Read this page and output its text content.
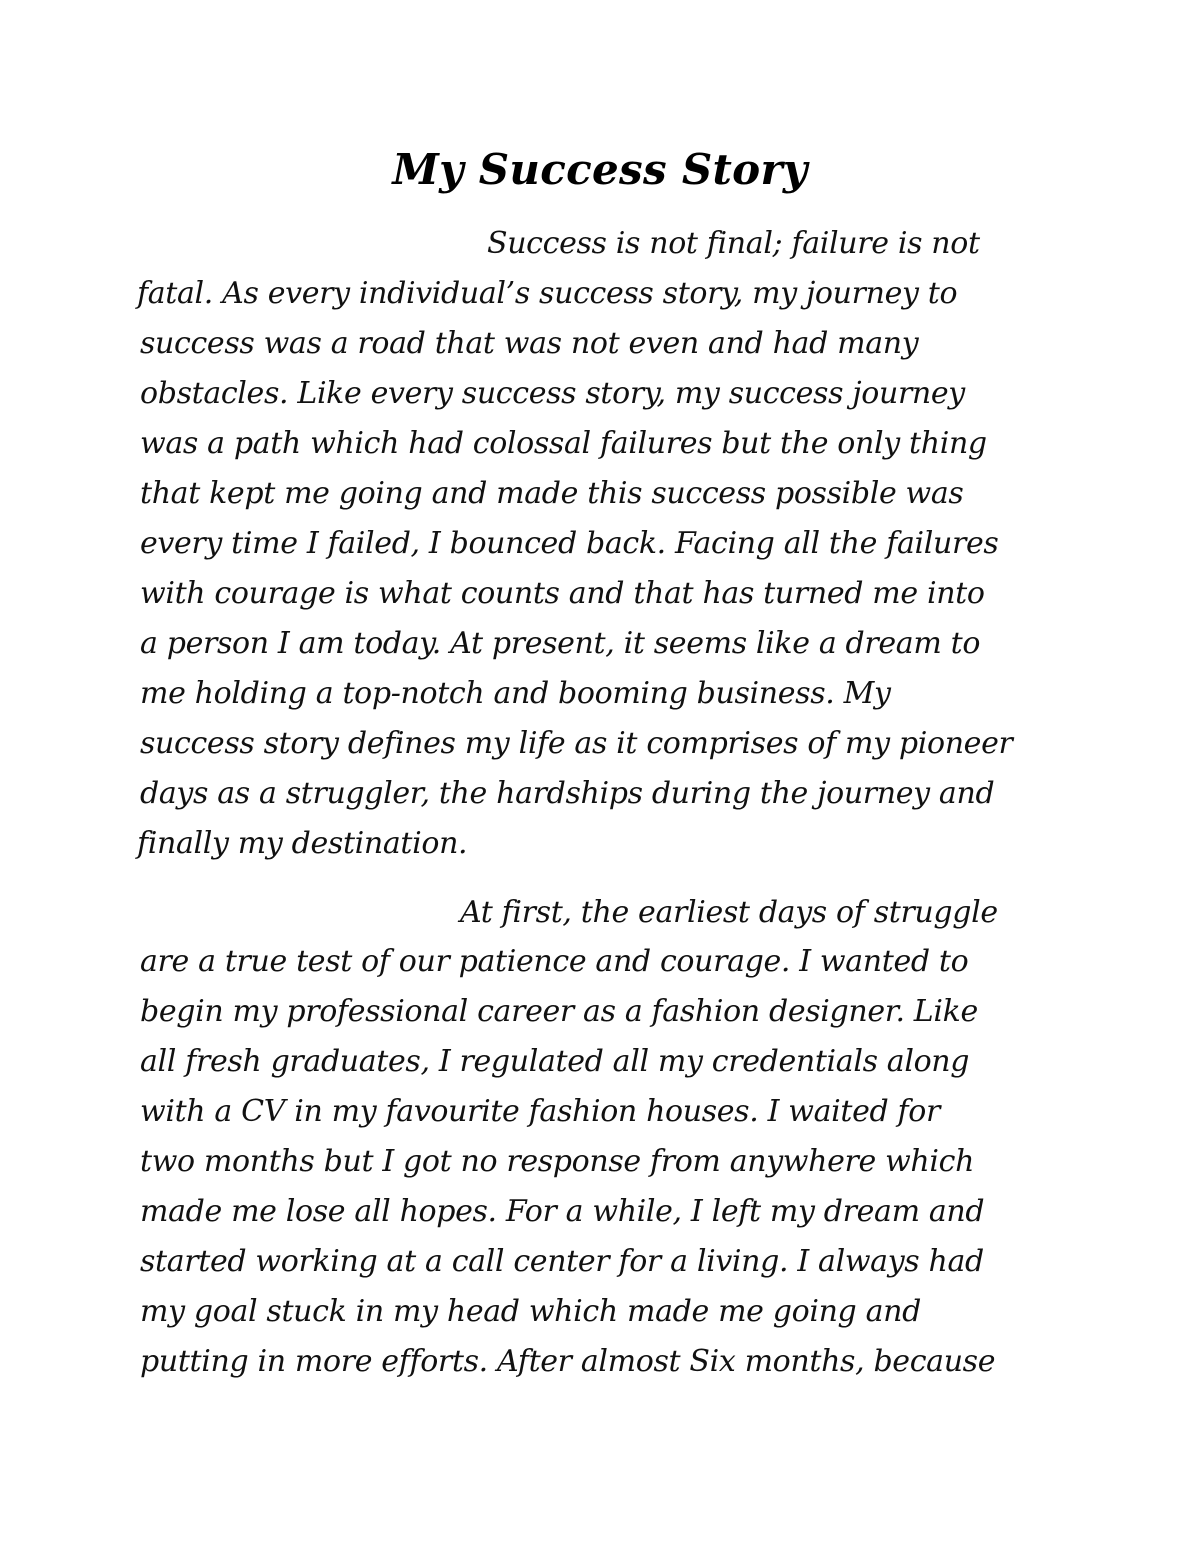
My Success Story
Success is not final; failure is not
fatal. As every individual’s success story, my journey to
success was a road that was not even and had many
obstacles. Like every success story, my success journey
was a path which had colossal failures but the only thing
that kept me going and made this success possible was
every time I failed, I bounced back. Facing all the failures
with courage is what counts and that has turned me into
a person I am today. At present, it seems like a dream to
me holding a top-notch and booming business. My
success story defines my life as it comprises of my pioneer
days as a struggler, the hardships during the journey and
finally my destination.
At first, the earliest days of struggle
are a true test of our patience and courage. I wanted to
begin my professional career as a fashion designer. Like
all fresh graduates, I regulated all my credentials along
with a CV in my favourite fashion houses. I waited for
two months but I got no response from anywhere which
made me lose all hopes. For a while, I left my dream and
started working at a call center for a living. I always had
my goal stuck in my head which made me going and
putting in more efforts. After almost Six months, because
